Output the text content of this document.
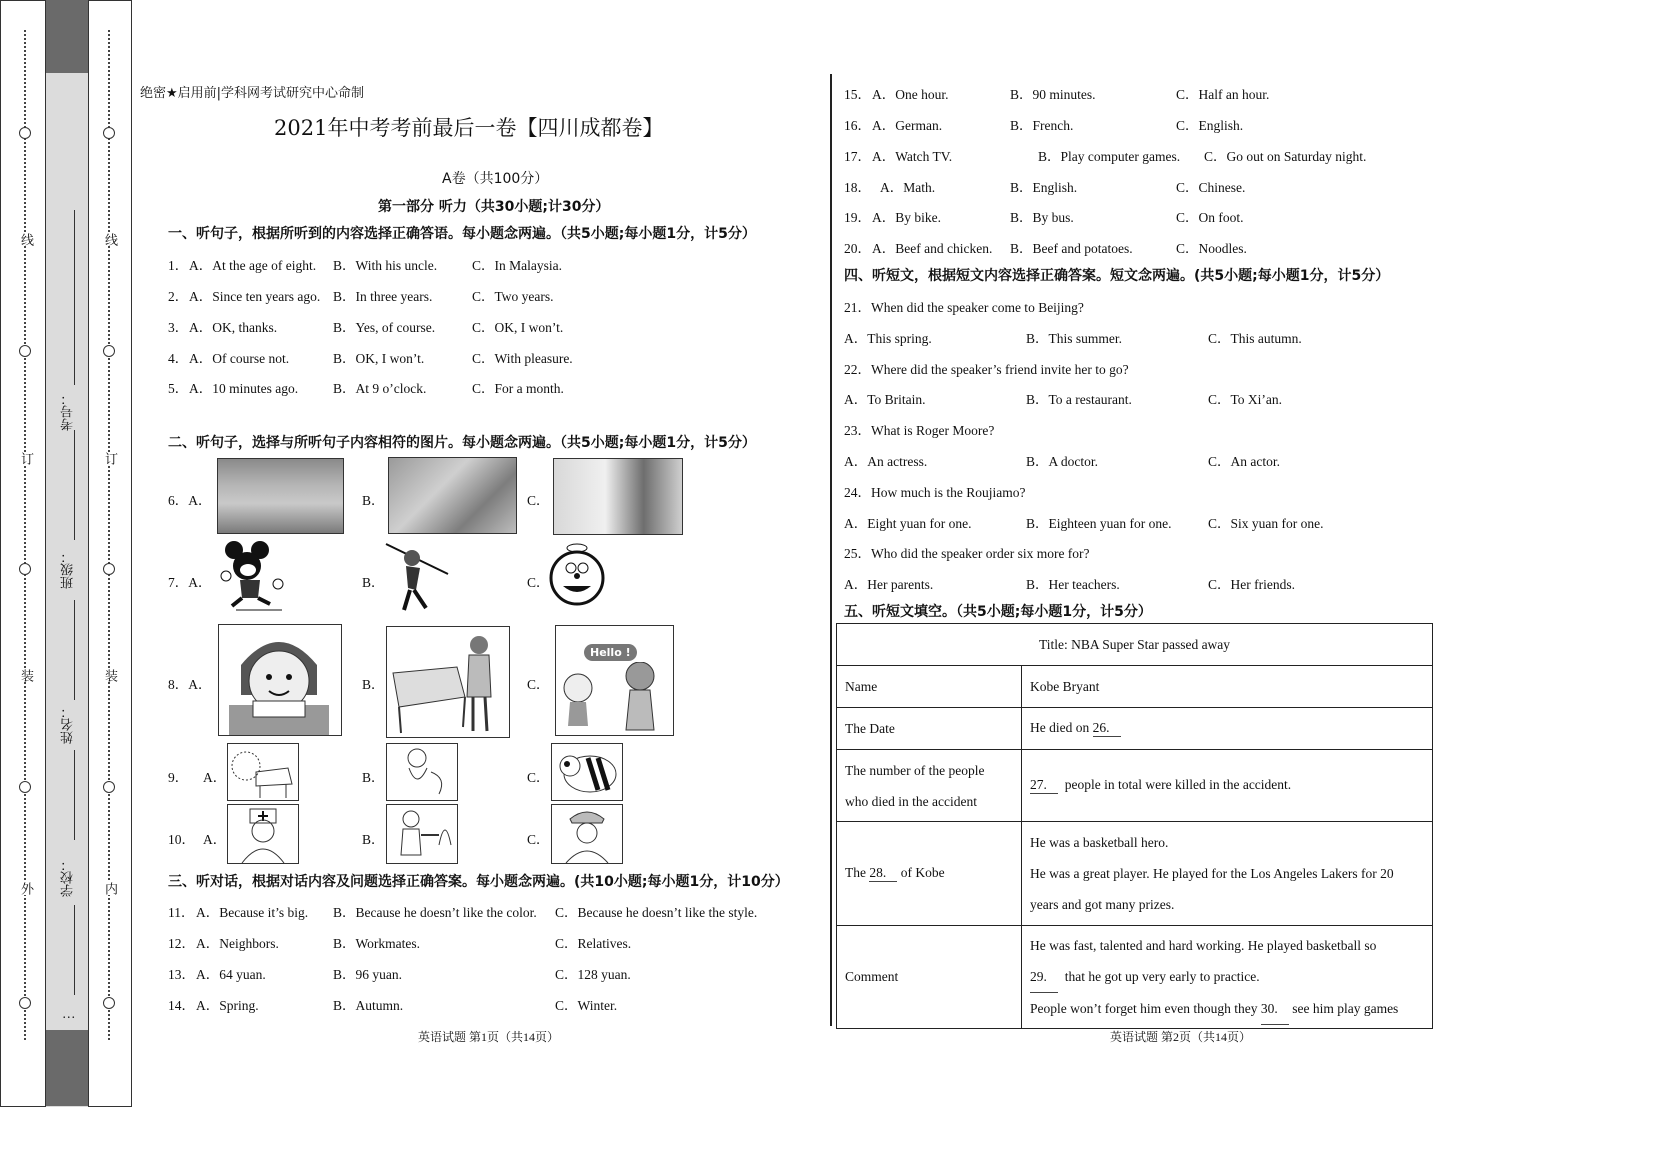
线
订
装
外
线
订
装
内
考号：
班级：
姓名：
学校：
…
绝密★启用前|学科网考试研究中心命制
2021年中考考前最后一卷【四川成都卷】
A卷（共100分）
第一部分 听力（共30小题;计30分）
一、听句子，根据所听到的内容选择正确答语。每小题念两遍。（共5小题;每小题1分，计5分）
1． A．At the age of eight. B．With his uncle.	C．In Malaysia.
2． A．Since ten years ago. B．In three years.	C．Two years.
3． A．OK, thanks.	B．Yes, of course.	C．OK, I won’t.
4． A．Of course not.	B．OK, I won’t.	C．With pleasure.
5． A．10 minutes ago.	B．At 9 o’clock.	C．For a month.
二、听句子，选择与所听句子内容相符的图片。每小题念两遍。（共5小题;每小题1分，计5分）
6．A．	B．	C．
7．A．	B．	C．
8．A．	B．	C．
Hello !
9． A．	B．	C．
10． A．	B．	C．
三、听对话，根据对话内容及问题选择正确答案。每小题念两遍。(共10小题;每小题1分，计10分）
11． A．Because it’s big. B．Because he doesn’t like the color. C．Because he doesn’t like the style.
12． A．Neighbors.	B．Workmates.	C．Relatives.
13． A．64 yuan.	B．96 yuan.	C．128 yuan.
14． A．Spring.	B．Autumn.	C．Winter.
英语试题 第1页（共14页）
15． A．One hour.	B．90 minutes.	C．Half an hour.
16． A．German.	B．French.	C．English.
17． A．Watch TV.	B．Play computer games. C．Go out on Saturday night.
18． A．Math.	B．English.	C．Chinese.
19． A．By bike.	B．By bus.	C．On foot.
20． A．Beef and chicken. B．Beef and potatoes.	C．Noodles.
四、听短文，根据短文内容选择正确答案。短文念两遍。(共5小题;每小题1分，计5分）
21．When did the speaker come to Beijing?
A．This spring.	B．This summer.	C．This autumn.
22．Where did the speaker’s friend invite her to go?
A．To Britain.	B．To a restaurant.	C．To Xi’an.
23．What is Roger Moore?
A．An actress.	B．A doctor.	C．An actor.
24．How much is the Roujiamo?
A．Eight yuan for one.	B．Eighteen yuan for one.	C．Six yuan for one.
25．Who did the speaker order six more for?
A．Her parents.	B．Her teachers.	C．Her friends.
五、听短文填空。（共5小题;每小题1分，计5分）
Title: NBA Super Star passed away	
Name	Kobe Bryant
The Date	He died on 26.

The number of the people
who died in the accident	27. people in total were killed in the accident.
The 28. of Kobe	He was a basketball hero.
He was a great player. He played for the Los Angeles Lakers for 20
years and got many prizes.

Comment	He was fast, talented and hard working. He played basketball so
29. that he got up very early to practice.
People won’t forget him even though they 30. see him play games
英语试题 第2页（共14页）
